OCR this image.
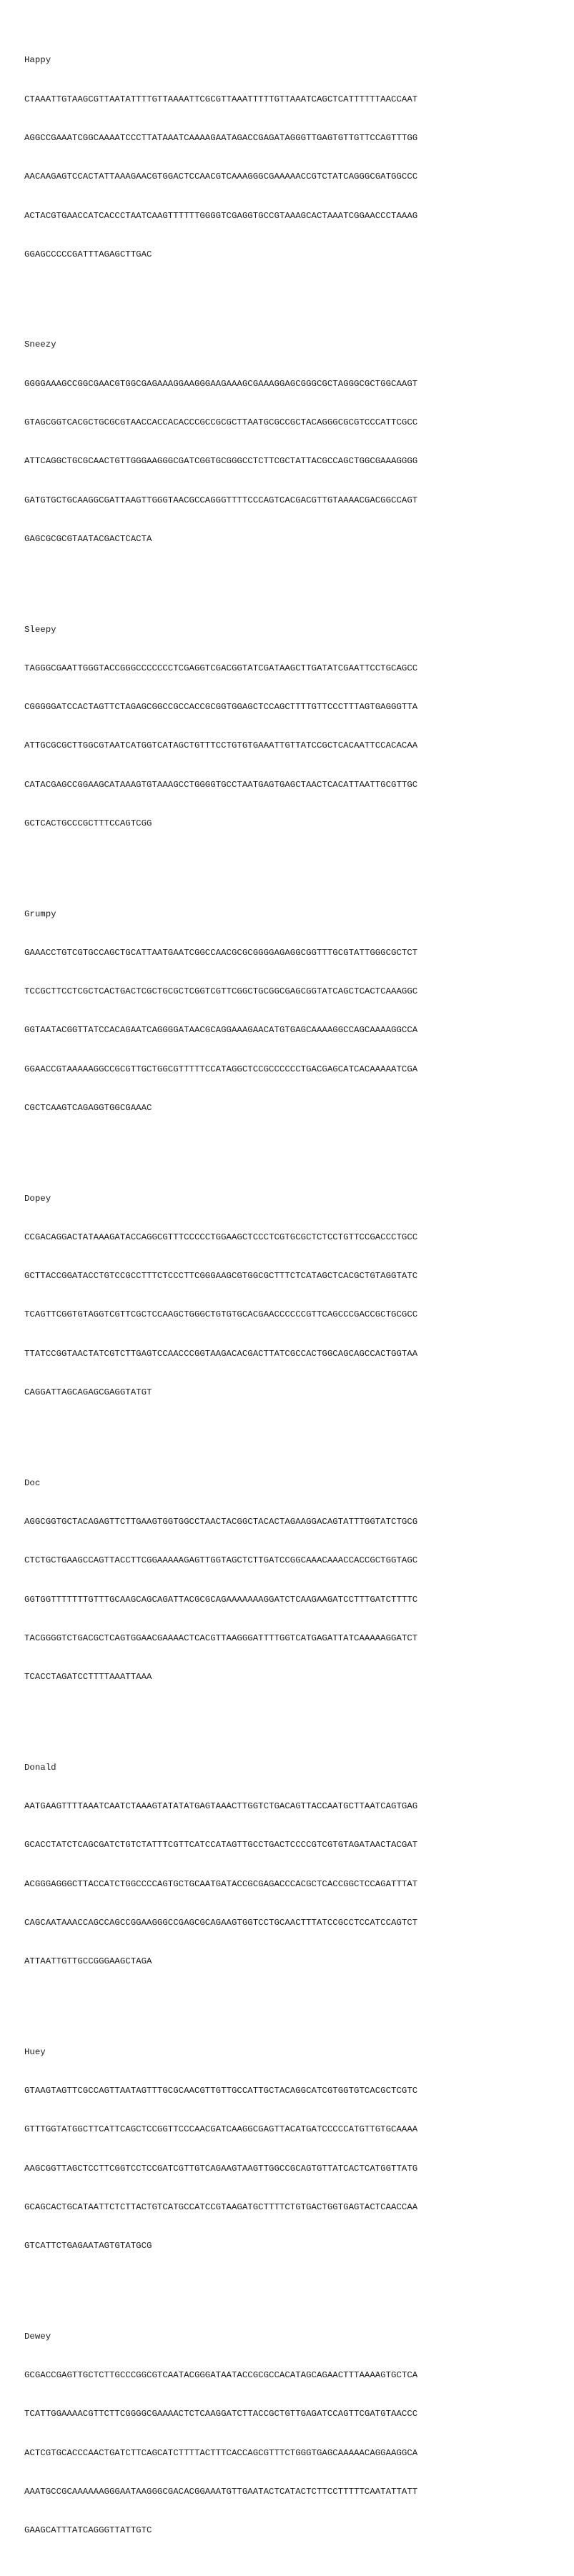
Happy

CTAAATTGTAAGCGTTAATATTTTGTTAAAATTCGCGTTAAATTTTTGTTAAATCAGCTCATTTTTTAACCAAT

AGGCCGAAATCGGCAAAATCCCTTATAAATCAAAAGAATAGACCGAGATAGGGTTGAGTGTTGTTCCAGTTTGG

AACAAGAGTCCACTATTAAAGAACGTGGACTCCAACGTCAAAGGGCGAAAAACCGTCTATCAGGGCGATGGCCC

ACTACGTGAACCATCACCCTAATCAAGTTTTTTGGGGTCGAGGTGCCGTAAAGCACTAAATCGGAACCCTAAAG

GGAGCCCCCGATTTAGAGCTTGAC

Sneezy

GGGGAAAGCCGGCGAACGTGGCGAGAAAGGAAGGGAAGAAAGCGAAAGGAGCGGGCGCTAGGGCGCTGGCAAGT

GTAGCGGTCACGCTGCGCGTAACCACCACACCCGCCGCGCTTAATGCGCCGCTACAGGGCGCGTCCCATTCGCC

ATTCAGGCTGCGCAACTGTTGGGAAGGGCGATCGGTGCGGGCCTCTTCGCTATTACGCCAGCTGGCGAAAGGGG

GATGTGCTGCAAGGCGATTAAGTTGGGTAACGCCAGGGTTTTCCCAGTCACGACGTTGTAAAACGACGGCCAGT

GAGCGCGCGTAATACGACTCACTA

Sleepy

TAGGGCGAATTGGGTACCGGGCCCCCCCTCGAGGTCGACGGTATCGATAAGCTTGATATCGAATTCCTGCAGCC

CGGGGGATCCACTAGTTCTAGAGCGGCCGCCACCGCGGTGGAGCTCCAGCTTTTGTTCCCTTTAGTGAGGGTTA

ATTGCGCGCTTGGCGTAATCATGGTCATAGCTGTTTCCTGTGTGAAATTGTTATCCGCTCACAATTCCACACAA

CATACGAGCCGGAAGCATAAAGTGTAAAGCCTGGGGTGCCTAATGAGTGAGCTAACTCACATTAATTGCGTTGC

GCTCACTGCCCGCTTTCCAGTCGG

Grumpy

GAAACCTGTCGTGCCAGCTGCATTAATGAATCGGCCAACGCGCGGGGAGAGGCGGTTTGCGTATTGGGCGCTCT

TCCGCTTCCTCGCTCACTGACTCGCTGCGCTCGGTCGTTCGGCTGCGGCGAGCGGTATCAGCTCACTCAAAGGC

GGTAATACGGTTATCCACAGAATCAGGGGATAACGCAGGAAAGAACATGTGAGCAAAAGGCCAGCAAAAGGCCA

GGAACCGTAAAAAGGCCGCGTTGCTGGCGTTTTTCCATAGGCTCCGCCCCCCTGACGAGCATCACAAAAATCGA

CGCTCAAGTCAGAGGTGGCGAAAC

Dopey

CCGACAGGACTATAAAGATACCAGGCGTTTCCCCCTGGAAGCTCCCTCGTGCGCTCTCCTGTTCCGACCCTGCC

GCTTACCGGATACCTGTCCGCCTTTCTCCCTTCGGGAAGCGTGGCGCTTTCTCATAGCTCACGCTGTAGGTATC

TCAGTTCGGTGTAGGTCGTTCGCTCCAAGCTGGGCTGTGTGCACGAACCCCCCGTTCAGCCCGACCGCTGCGCC

TTATCCGGTAACTATCGTCTTGAGTCCAACCCGGTAAGACACGACTTATCGCCACTGGCAGCAGCCACTGGTAA

CAGGATTAGCAGAGCGAGGTATGT

Doc

AGGCGGTGCTACAGAGTTCTTGAAGTGGTGGCCTAACTACGGCTACACTAGAAGGACAGTATTTGGTATCTGCG

CTCTGCTGAAGCCAGTTACCTTCGGAAAAAGAGTTGGTAGCTCTTGATCCGGCAAACAAACCACCGCTGGTAGC

GGTGGTTTTTTTGTTTGCAAGCAGCAGATTACGCGCAGAAAAAAAGGATCTCAAGAAGATCCTTTGATCTTTTC

TACGGGGTCTGACGCTCAGTGGAACGAAAACTCACGTTAAGGGATTTTGGTCATGAGATTATCAAAAAGGATCT

TCACCTAGATCCTTTTAAATTAAA

Donald

AATGAAGTTTTAAATCAATCTAAAGTATATATGAGTAAACTTGGTCTGACAGTTACCAATGCTTAATCAGTGAG

GCACCTATCTCAGCGATCTGTCTATTTCGTTCATCCATAGTTGCCTGACTCCCCGTCGTGTAGATAACTACGAT

ACGGGAGGGCTTACCATCTGGCCCCAGTGCTGCAATGATACCGCGAGACCCACGCTCACCGGCTCCAGATTTAT

CAGCAATAAACCAGCCAGCCGGAAGGGCCGAGCGCAGAAGTGGTCCTGCAACTTTATCCGCCTCCATCCAGTCT

ATTAATTGTTGCCGGGAAGCTAGA

Huey

GTAAGTAGTTCGCCAGTTAATAGTTTGCGCAACGTTGTTGCCATTGCTACAGGCATCGTGGTGTCACGCTCGTC

GTTTGGTATGGCTTCATTCAGCTCCGGTTCCCAACGATCAAGGCGAGTTACATGATCCCCCATGTTGTGCAAAA

AAGCGGTTAGCTCCTTCGGTCCTCCGATCGTTGTCAGAAGTAAGTTGGCCGCAGTGTTATCACTCATGGTTATG

GCAGCACTGCATAATTCTCTTACTGTCATGCCATCCGTAAGATGCTTTTCTGTGACTGGTGAGTACTCAACCAA

GTCATTCTGAGAATAGTGTATGCG

Dewey

GCGACCGAGTTGCTCTTGCCCGGCGTCAATACGGGATAATACCGCGCCACATAGCAGAACTTTAAAAGTGCTCA

TCATTGGAAAACGTTCTTCGGGGCGAAAACTCTCAAGGATCTTACCGCTGTTGAGATCCAGTTCGATGTAACCC

ACTCGTGCACCCAACTGATCTTCAGCATCTTTTACTTTCACCAGCGTTTCTGGGTGAGCAAAAACAGGAAGGCA

AAATGCCGCAAAAAAGGGAATAAGGGCGACACGGAAATGTTGAATACTCATACTCTTCCTTTTTCAATATTATT

GAAGCATTTATCAGGGTTATTGTC
